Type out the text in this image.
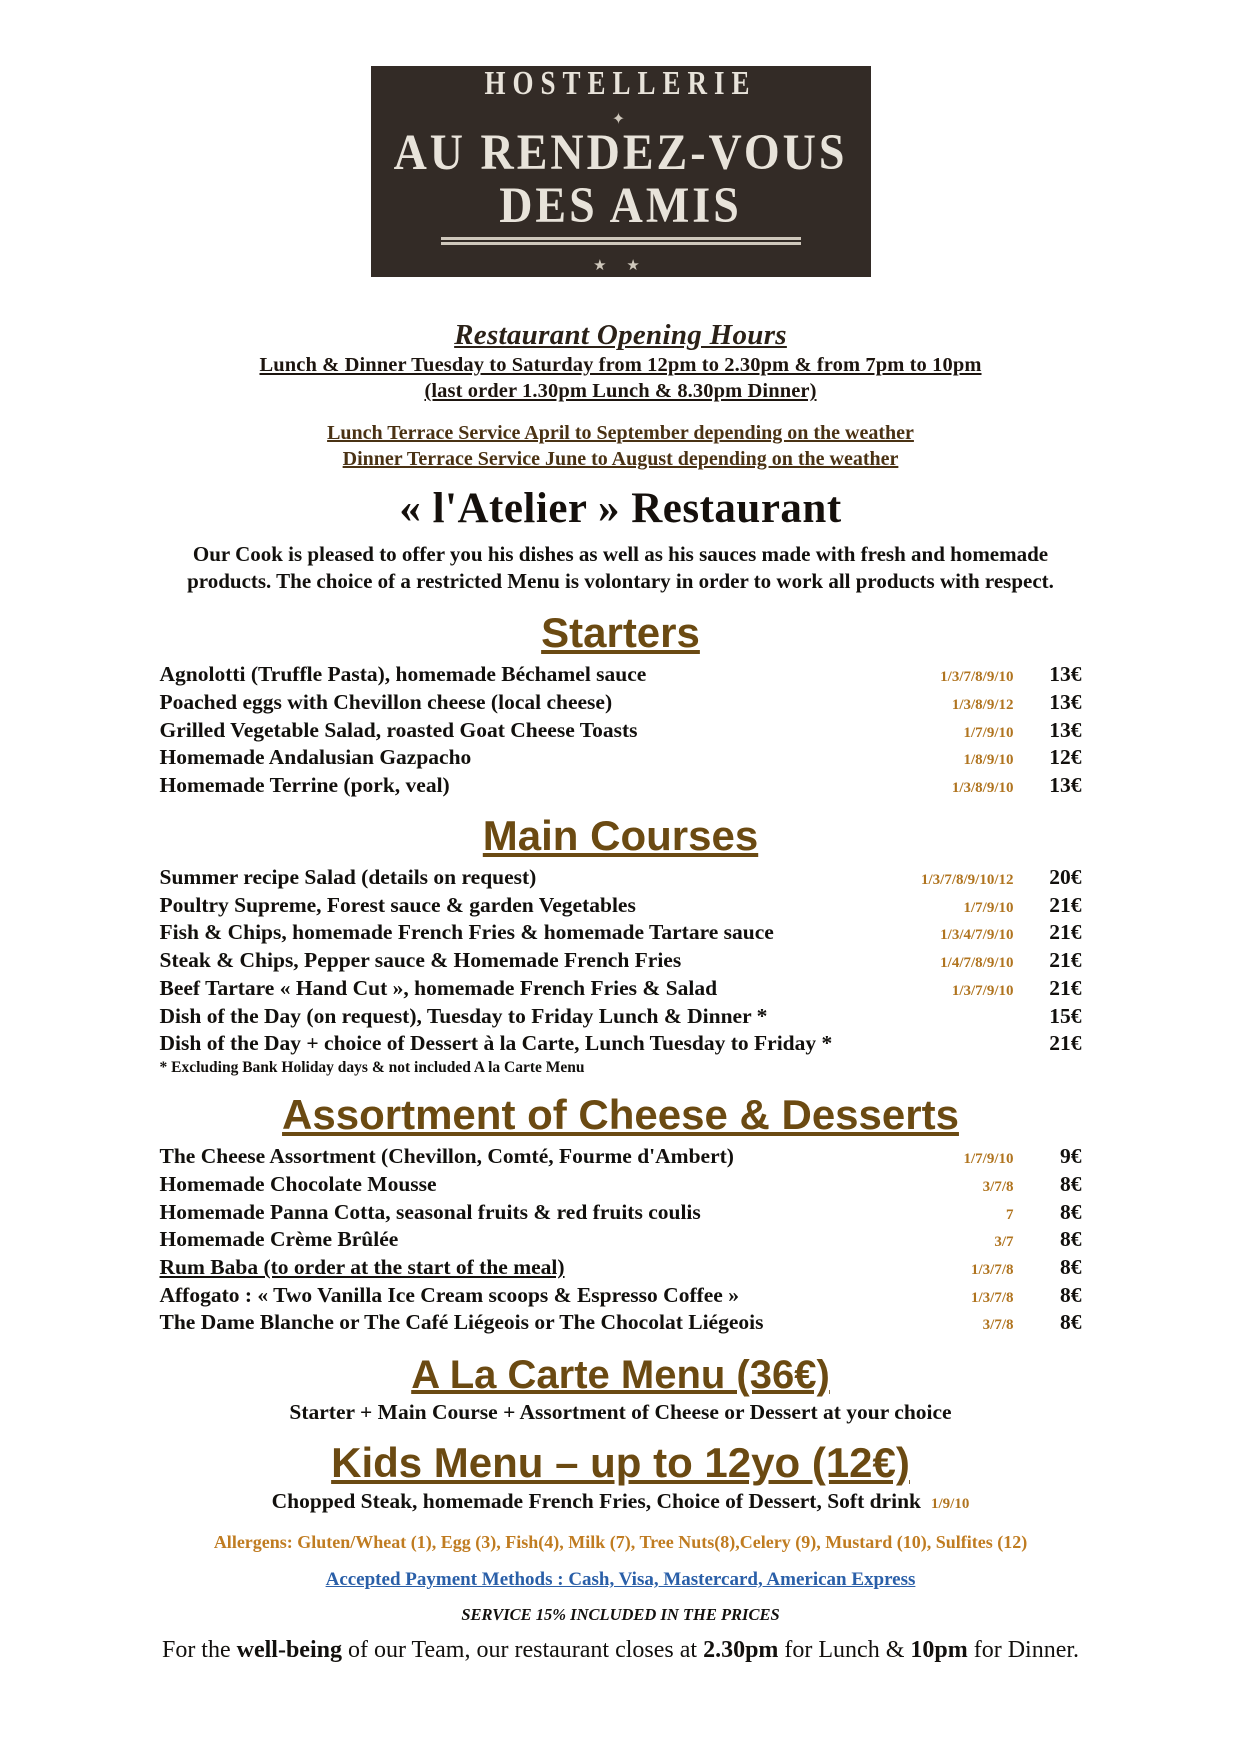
HOSTELLERIE
✦
AU RENDEZ-VOUS
DES AMIS
★ ★
Restaurant Opening Hours
Lunch & Dinner Tuesday to Saturday from 12pm to 2.30pm & from 7pm to 10pm
(last order 1.30pm Lunch & 8.30pm Dinner)
Lunch Terrace Service April to September depending on the weather
Dinner Terrace Service June to August depending on the weather
« l'Atelier » Restaurant
Our Cook is pleased to offer you his dishes as well as his sauces made with fresh and homemade products. The choice of a restricted Menu is volontary in order to work all products with respect.
Starters
Agnolotti (Truffle Pasta), homemade Béchamel sauce	1/3/7/8/9/10	13€
Poached eggs with Chevillon cheese (local cheese)	1/3/8/9/12	13€
Grilled Vegetable Salad, roasted Goat Cheese Toasts	1/7/9/10	13€
Homemade Andalusian Gazpacho	1/8/9/10	12€
Homemade Terrine (pork, veal)	1/3/8/9/10	13€
Main Courses
Summer recipe Salad (details on request)	1/3/7/8/9/10/12	20€
Poultry Supreme, Forest sauce & garden Vegetables	1/7/9/10	21€
Fish & Chips, homemade French Fries & homemade Tartare sauce	1/3/4/7/9/10	21€
Steak & Chips, Pepper sauce & Homemade French Fries	1/4/7/8/9/10	21€
Beef Tartare « Hand Cut », homemade French Fries & Salad	1/3/7/9/10	21€
Dish of the Day (on request), Tuesday to Friday Lunch & Dinner *	15€
Dish of the Day + choice of Dessert à la Carte, Lunch Tuesday to Friday *	21€
* Excluding Bank Holiday days & not included A la Carte Menu
Assortment of Cheese & Desserts
The Cheese Assortment (Chevillon, Comté, Fourme d'Ambert)	1/7/9/10	9€
Homemade Chocolate Mousse	3/7/8	8€
Homemade Panna Cotta, seasonal fruits & red fruits coulis	7	8€
Homemade Crème Brûlée	3/7	8€
Rum Baba (to order at the start of the meal)	1/3/7/8	8€
Affogato : « Two Vanilla Ice Cream scoops & Espresso Coffee »	1/3/7/8	8€
The Dame Blanche or The Café Liégeois or The Chocolat Liégeois	3/7/8	8€
A La Carte Menu (36€)
Starter + Main Course + Assortment of Cheese or Dessert at your choice
Kids Menu – up to 12yo (12€)
Chopped Steak, homemade French Fries, Choice of Dessert, Soft drink 1/9/10
Allergens: Gluten/Wheat (1), Egg (3), Fish(4), Milk (7), Tree Nuts(8),Celery (9), Mustard (10), Sulfites (12)
Accepted Payment Methods : Cash, Visa, Mastercard, American Express
SERVICE 15% INCLUDED IN THE PRICES
For the well-being of our Team, our restaurant closes at 2.30pm for Lunch & 10pm for Dinner.
